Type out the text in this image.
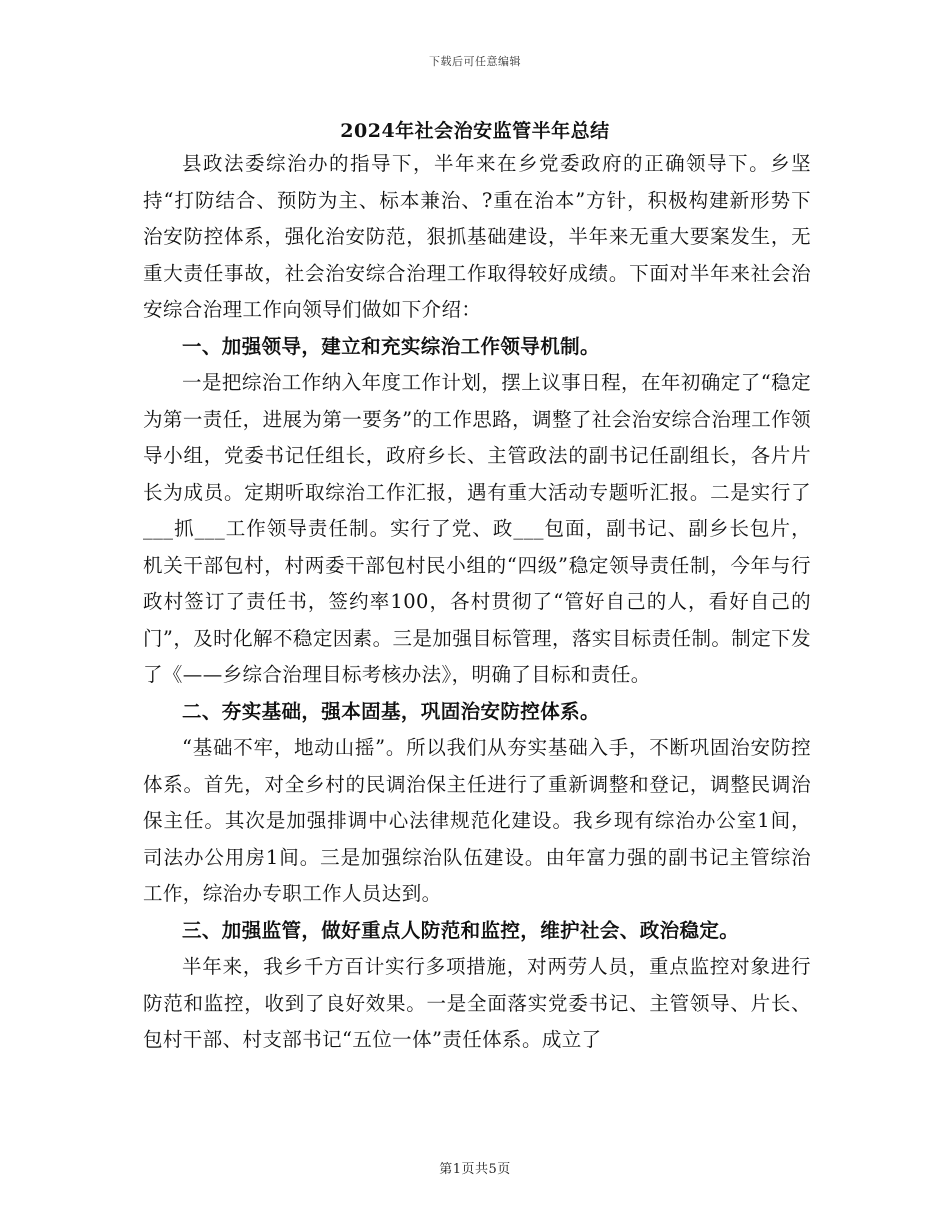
下载后可任意编辑
2024年社会治安监管半年总结

县政法委综治办的指导下，半年来在乡党委政府的正确领导下。乡坚持“打防结合、预防为主、标本兼治、?重在治本”方针，积极构建新形势下治安防控体系，强化治安防范，狠抓基础建设，半年来无重大要案发生，无重大责任事故，社会治安综合治理工作取得较好成绩。下面对半年来社会治安综合治理工作向领导们做如下介绍：

一、加强领导，建立和充实综治工作领导机制。

一是把综治工作纳入年度工作计划，摆上议事日程，在年初确定了“稳定为第一责任，进展为第一要务”的工作思路，调整了社会治安综合治理工作领导小组，党委书记任组长，政府乡长、主管政法的副书记任副组长，各片片长为成员。定期听取综治工作汇报，遇有重大活动专题听汇报。二是实行了___抓___工作领导责任制。实行了党、政___包面，副书记、副乡长包片，机关干部包村，村两委干部包村民小组的“四级”稳定领导责任制，今年与行政村签订了责任书，签约率100，各村贯彻了“管好自己的人，看好自己的门”，及时化解不稳定因素。三是加强目标管理，落实目标责任制。制定下发了《——乡综合治理目标考核办法》，明确了目标和责任。

二、夯实基础，强本固基，巩固治安防控体系。

“基础不牢，地动山摇”。所以我们从夯实基础入手，不断巩固治安防控体系。首先，对全乡村的民调治保主任进行了重新调整和登记，调整民调治保主任。其次是加强排调中心法律规范化建设。我乡现有综治办公室1间，司法办公用房1间。三是加强综治队伍建设。由年富力强的副书记主管综治工作，综治办专职工作人员达到。

三、加强监管，做好重点人防范和监控，维护社会、政治稳定。

半年来，我乡千方百计实行多项措施，对两劳人员，重点监控对象进行防范和监控，收到了良好效果。一是全面落实党委书记、主管领导、片长、包村干部、村支部书记“五位一体”责任体系。成立了

第1页共5页
